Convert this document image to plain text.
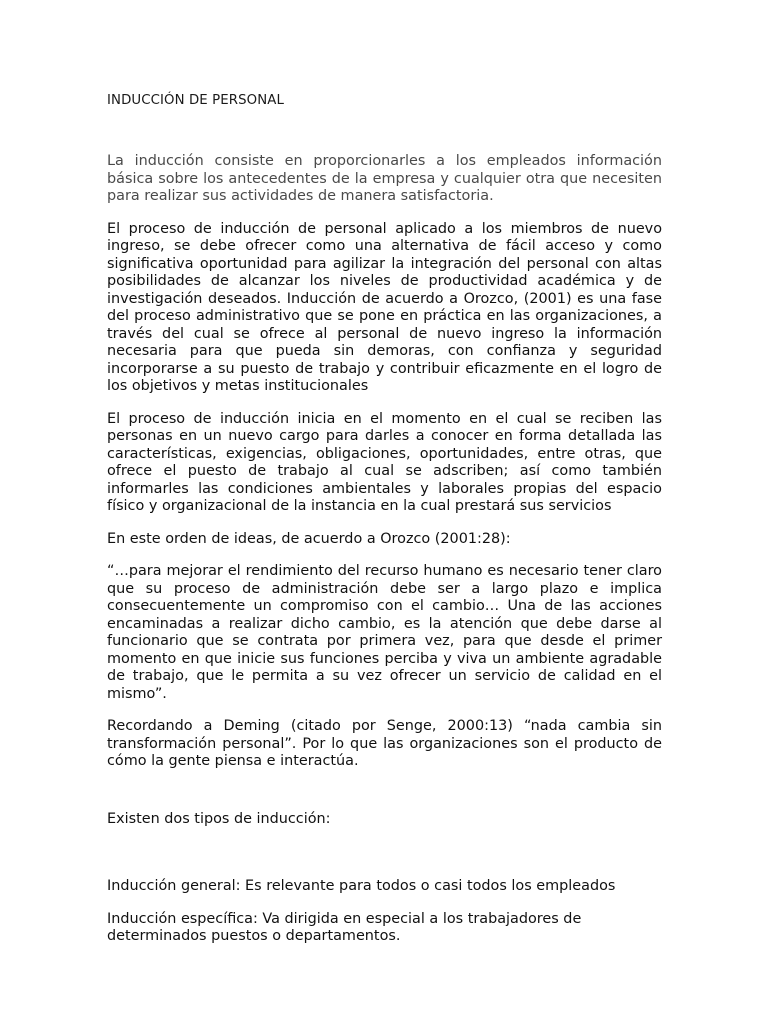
INDUCCIÓN DE PERSONAL

La inducción consiste en proporcionarles a los empleados información básica sobre los antecedentes de la empresa y cualquier otra que necesiten para realizar sus actividades de manera satisfactoria.

El proceso de inducción de personal aplicado a los miembros de nuevo ingreso, se debe ofrecer como una alternativa de fácil acceso y como significativa oportunidad para agilizar la integración del personal con altas posibilidades de alcanzar los niveles de productividad académica y de investigación deseados. Inducción de acuerdo a Orozco, (2001) es una fase del proceso administrativo que se pone en práctica en las organizaciones, a través del cual se ofrece al personal de nuevo ingreso la información necesaria para que pueda sin demoras, con confianza y seguridad incorporarse a su puesto de trabajo y contribuir eficazmente en el logro de los objetivos y metas institucionales

El proceso de inducción inicia en el momento en el cual se reciben las personas en un nuevo cargo para darles a conocer en forma detallada las características, exigencias, obligaciones, oportunidades, entre otras, que ofrece el puesto de trabajo al cual se adscriben; así como también informarles las condiciones ambientales y laborales propias del espacio físico y organizacional de la instancia en la cual prestará sus servicios

En este orden de ideas, de acuerdo a Orozco (2001:28):

“…para mejorar el rendimiento del recurso humano es necesario tener claro que su proceso de administración debe ser a largo plazo e implica consecuentemente un compromiso con el cambio… Una de las acciones encaminadas a realizar dicho cambio, es la atención que debe darse al funcionario que se contrata por primera vez, para que desde el primer momento en que inicie sus funciones perciba y viva un ambiente agradable de trabajo, que le permita a su vez ofrecer un servicio de calidad en el mismo”.

Recordando a Deming (citado por Senge, 2000:13) “nada cambia sin transformación personal”. Por lo que las organizaciones son el producto de cómo la gente piensa e interactúa.

Existen dos tipos de inducción:

Inducción general: Es relevante para todos o casi todos los empleados

Inducción específica: Va dirigida en especial a los trabajadores de determinados puestos o departamentos.
